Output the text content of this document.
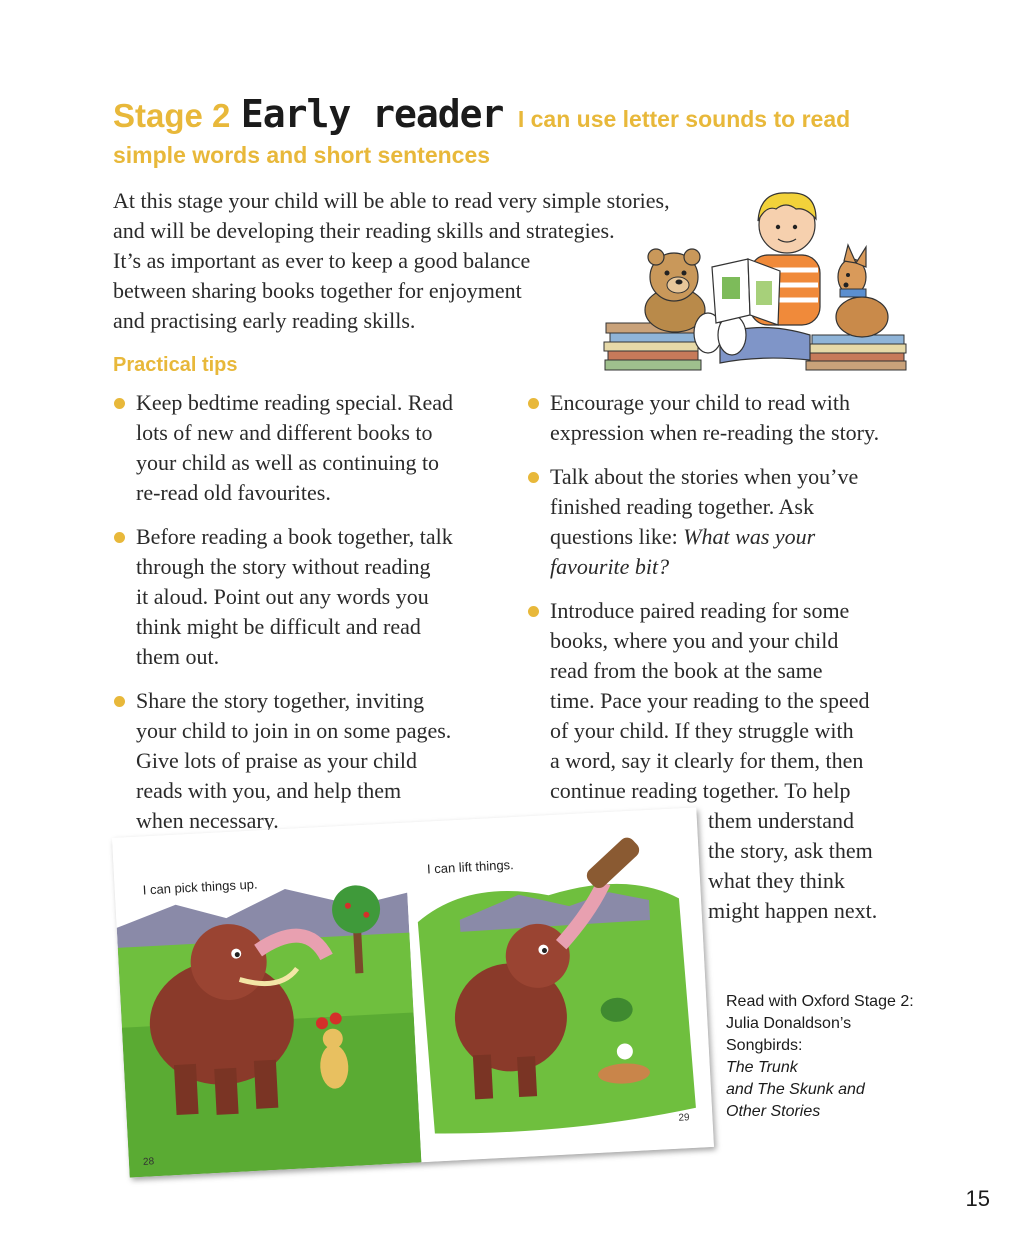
Stage 2 Early reader I can use letter sounds to read
simple words and short sentences
At this stage your child will be able to read very simple stories,
and will be developing their reading skills and strategies.
It’s as important as ever to keep a good balance
between sharing books together for enjoyment
and practising early reading skills.
Practical tips
Keep bedtime reading special. Read
lots of new and different books to
your child as well as continuing to
re-read old favourites.
Before reading a book together, talk
through the story without reading
it aloud. Point out any words you
think might be difficult and read
them out.
Share the story together, inviting
your child to join in on some pages.
Give lots of praise as your child
reads with you, and help them
when necessary.
Encourage your child to read with
expression when re-reading the story.
Talk about the stories when you’ve
finished reading together. Ask
questions like: What was your
favourite bit?
Introduce paired reading for some
books, where you and your child
read from the book at the same
time. Pace your reading to the speed
of your child. If they struggle with
a word, say it clearly for them, then
continue reading together. To help
them understand
the story, ask them
what they think
might happen next.
I can pick things up.
28
I can lift things.
29
Read with Oxford Stage 2:
Julia Donaldson’s
Songbirds:
The Trunk
and The Skunk and
Other Stories
15
